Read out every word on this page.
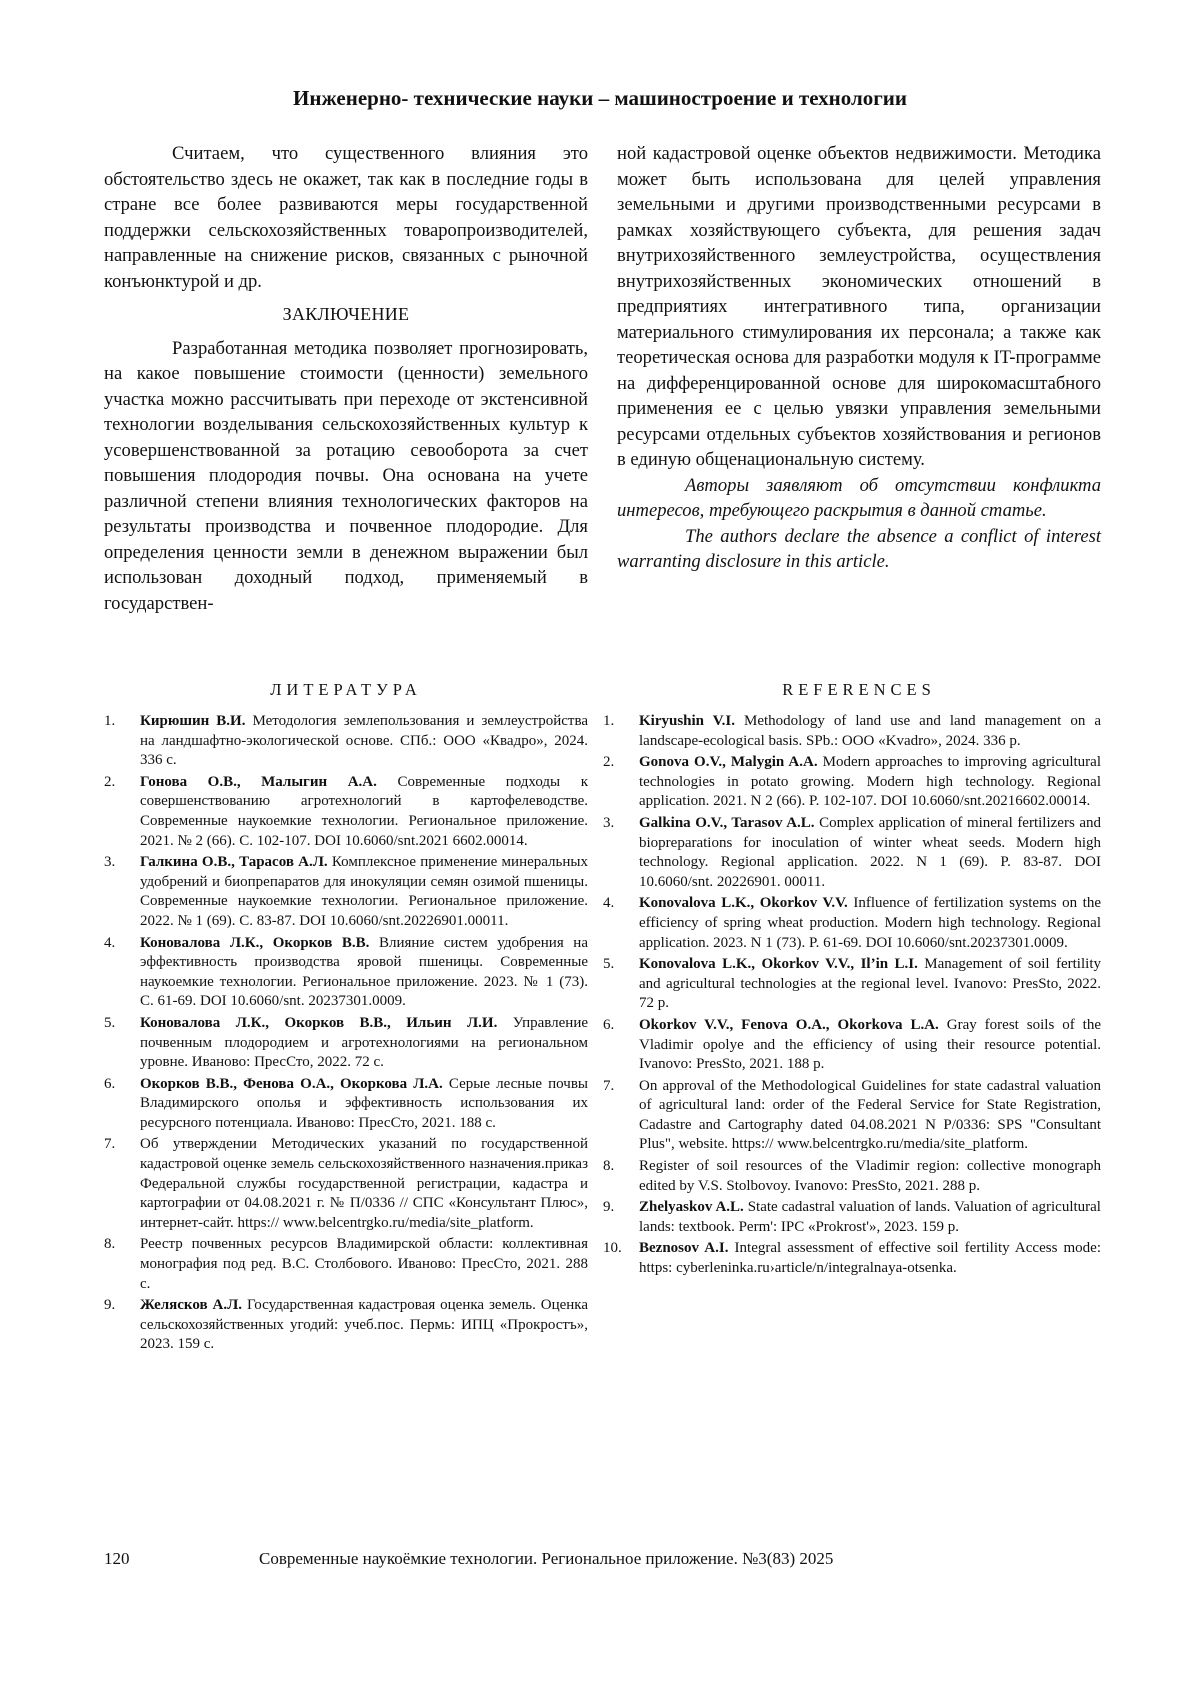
Инженерно- технические науки – машиностроение и технологии

Считаем, что существенного влияния это обстоятельство здесь не окажет, так как в последние годы в стране все более развиваются меры государственной поддержки сельскохозяйственных товаропроизводителей, направленные на снижение рисков, связанных с рыночной конъюнктурой и др.

ЗАКЛЮЧЕНИЕ

Разработанная методика позволяет прогнозировать, на какое повышение стоимости (ценности) земельного участка можно рассчитывать при переходе от экстенсивной технологии возделывания сельскохозяйственных культур к усовершенствованной за ротацию севооборота за счет повышения плодородия почвы. Она основана на учете различной степени влияния технологических факторов на результаты производства и почвенное плодородие. Для определения ценности земли в денежном выражении был использован доходный подход, применяемый в государствен-

ной кадастровой оценке объектов недвижимости. Методика может быть использована для целей управления земельными и другими производственными ресурсами в рамках хозяйствующего субъекта, для решения задач внутрихозяйственного землеустройства, осуществления внутрихозяйственных экономических отношений в предприятиях интегративного типа, организации материального стимулирования их персонала; а также как теоретическая основа для разработки модуля к IT-программе на дифференцированной основе для широкомасштабного применения ее с целью увязки управления земельными ресурсами отдельных субъектов хозяйствования и регионов в единую общенациональную систему.

Авторы заявляют об отсутствии конфликта интересов, требующего раскрытия в данной статье.

The authors declare the absence a conflict of interest warranting disclosure in this article.

ЛИТЕРАТУРА	REFERENCES
1. Кирюшин В.И. Методология землепользования и землеустройства на ландшафтно-экологической основе. СПб.: ООО «Квадро», 2024. 336 с.
2. Гонова О.В., Малыгин А.А. Современные подходы к совершенствованию агротехнологий в картофелеводстве. Современные наукоемкие технологии. Региональное приложение. 2021. № 2 (66). С. 102-107. DOI 10.6060/snt.2021 6602.00014.
3. Галкина О.В., Тарасов А.Л. Комплексное применение минеральных удобрений и биопрепаратов для инокуляции семян озимой пшеницы. Современные наукоемкие технологии. Региональное приложение. 2022. № 1 (69). С. 83-87. DOI 10.6060/snt.20226901.00011.
4. Коновалова Л.К., Окорков В.В. Влияние систем удобрения на эффективность производства яровой пшеницы. Современные наукоемкие технологии. Региональное приложение. 2023. № 1 (73). С. 61-69. DOI 10.6060/snt. 20237301.0009.
5. Коновалова Л.К., Окорков В.В., Ильин Л.И. Управление почвенным плодородием и агротехнологиями на региональном уровне. Иваново: ПресСто, 2022. 72 с.
6. Окорков В.В., Фенова О.А., Окоркова Л.А. Серые лесные почвы Владимирского ополья и эффективность использования их ресурсного потенциала. Иваново: ПресСто, 2021. 188 с.
7. Об утверждении Методических указаний по государственной кадастровой оценке земель сельскохозяйственного назначения.приказ Федеральной службы государственной регистрации, кадастра и картографии от 04.08.2021 г. № П/0336 // СПС «Консультант Плюс», интернет-сайт. https:// www.belcentrgko.ru/media/site_platform.
8. Реестр почвенных ресурсов Владимирской области: коллективная монография под ред. В.С. Столбового. Иваново: ПресСто, 2021. 288 с.
9. Желясков А.Л. Государственная кадастровая оценка земель. Оценка сельскохозяйственных угодий: учеб.пос. Пермь: ИПЦ «Прокростъ», 2023. 159 с.
1. Kiryushin V.I. Methodology of land use and land management on a landscape-ecological basis. SPb.: OOO «Kvadro», 2024. 336 p.
2. Gonova O.V., Malygin A.A. Modern approaches to improving agricultural technologies in potato growing. Modern high technology. Regional application. 2021. N 2 (66). P. 102-107. DOI 10.6060/snt.20216602.00014.
3. Galkina O.V., Tarasov A.L. Complex application of mineral fertilizers and biopreparations for inoculation of winter wheat seeds. Modern high technology. Regional application. 2022. N 1 (69). P. 83-87. DOI 10.6060/snt. 20226901. 00011.
4. Konovalova L.K., Okorkov V.V. Influence of fertilization systems on the efficiency of spring wheat production. Modern high technology. Regional application. 2023. N 1 (73). P. 61-69. DOI 10.6060/snt.20237301.0009.
5. Konovalova L.K., Okorkov V.V., Il’in L.I. Management of soil fertility and agricultural technologies at the regional level. Ivanovo: PresSto, 2022. 72 p.
6. Okorkov V.V., Fenova O.A., Okorkova L.A. Gray forest soils of the Vladimir opolye and the efficiency of using their resource potential. Ivanovo: PresSto, 2021. 188 p.
7. On approval of the Methodological Guidelines for state cadastral valuation of agricultural land: order of the Federal Service for State Registration, Cadastre and Cartography dated 04.08.2021 N P/0336: SPS "Consultant Plus", website. https:// www.belcentrgko.ru/media/site_platform.
8. Register of soil resources of the Vladimir region: collective monograph edited by V.S. Stolbovoy. Ivanovo: PresSto, 2021. 288 p.
9. Zhelyaskov A.L. State cadastral valuation of lands. Valuation of agricultural lands: textbook. Perm': IPC «Prokrost'», 2023. 159 p.
10. Beznosov A.I. Integral assessment of effective soil fertility Access mode: https: cyberleninka.ru›article/n/integralnaya-otsenka.
120	Современные наукоёмкие технологии. Региональное приложение. №3(83) 2025
